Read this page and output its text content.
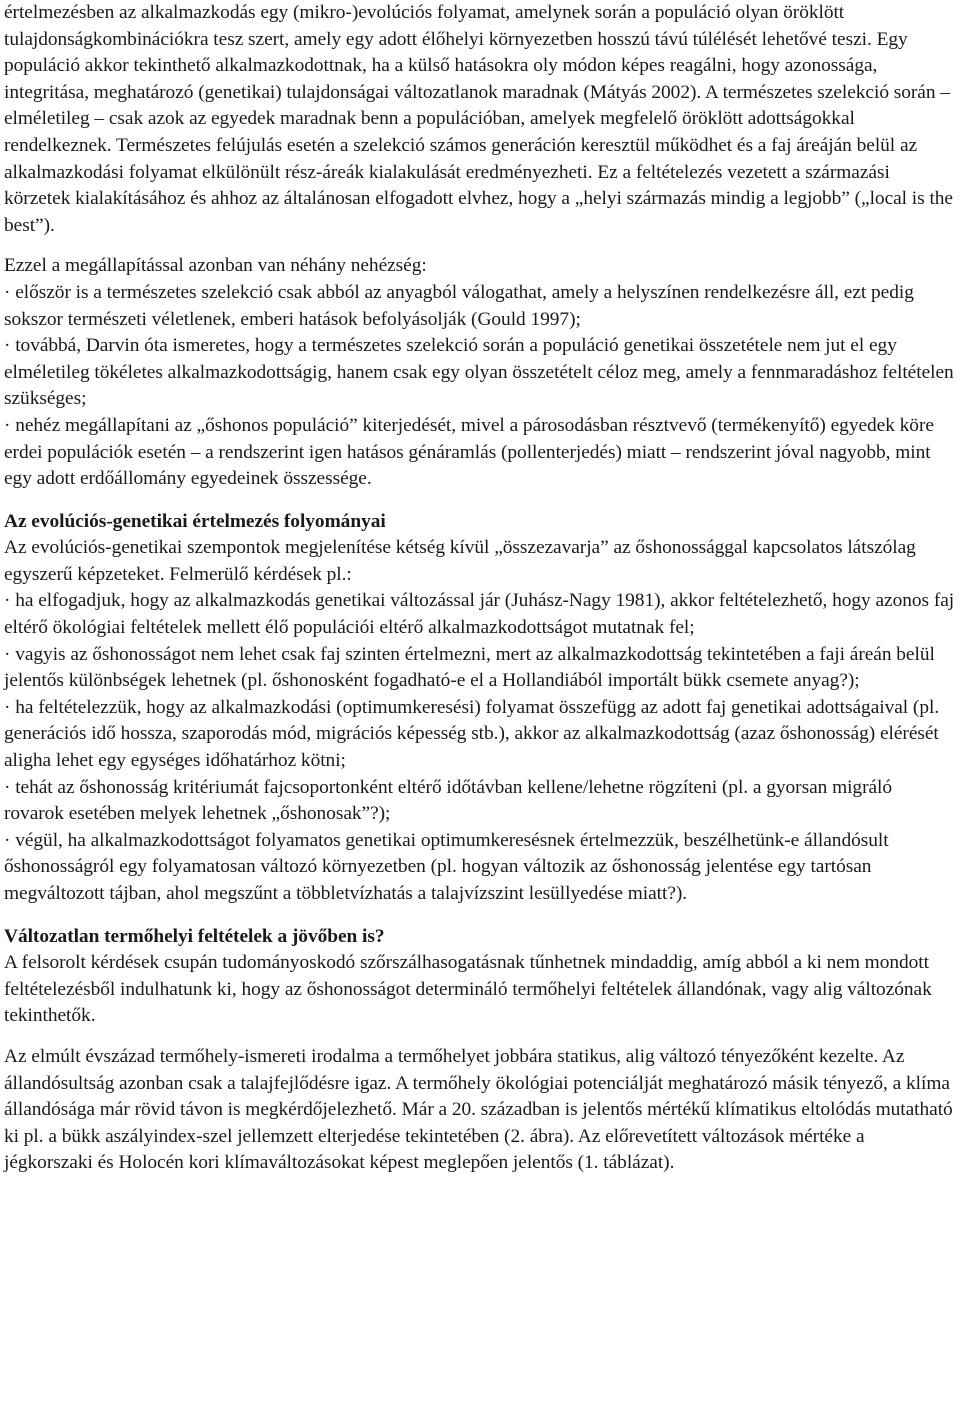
értelmezésben az alkalmazkodás egy (mikro-)evolúciós folyamat, amelynek során a populáció olyan öröklött tulajdonságkombinációkra tesz szert, amely egy adott élőhelyi környezetben hosszú távú túlélését lehetővé teszi. Egy populáció akkor tekinthető alkalmazkodottnak, ha a külső hatásokra oly módon képes reagálni, hogy azonossága, integritása, meghatározó (genetikai) tulajdonságai változatlanok maradnak (Mátyás 2002). A természetes szelekció során – elméletileg – csak azok az egyedek maradnak benn a populációban, amelyek megfelelő öröklött adottságokkal rendelkeznek. Természetes felújulás esetén a szelekció számos generáción keresztül működhet és a faj áreáján belül az alkalmazkodási folyamat elkülönült rész-áreák kialakulását eredményezheti. Ez a feltételezés vezetett a származási körzetek kialakításához és ahhoz az általánosan elfogadott elvhez, hogy a „helyi származás mindig a legjobb” („local is the best”).

Ezzel a megállapítással azonban van néhány nehézség:

· először is a természetes szelekció csak abból az anyagból válogathat, amely a helyszínen rendelkezésre áll, ezt pedig sokszor természeti véletlenek, emberi hatások befolyásolják (Gould 1997);

· továbbá, Darvin óta ismeretes, hogy a természetes szelekció során a populáció genetikai összetétele nem jut el egy elméletileg tökéletes alkalmazkodottságig, hanem csak egy olyan összetételt céloz meg, amely a fennmaradáshoz feltételen szükséges;

· nehéz megállapítani az „őshonos populáció” kiterjedését, mivel a párosodásban résztvevő (termékenyítő) egyedek köre erdei populációk esetén – a rendszerint igen hatásos génáramlás (pollenterjedés) miatt – rendszerint jóval nagyobb, mint egy adott erdőállomány egyedeinek összessége.

Az evolúciós-genetikai értelmezés folyományai

Az evolúciós-genetikai szempontok megjelenítése kétség kívül „összezavarja” az őshonossággal kapcsolatos látszólag egyszerű képzeteket. Felmerülő kérdések pl.:

· ha elfogadjuk, hogy az alkalmazkodás genetikai változással jár (Juhász-Nagy 1981), akkor feltételezhető, hogy azonos faj eltérő ökológiai feltételek mellett élő populációi eltérő alkalmazkodottságot mutatnak fel;

· vagyis az őshonosságot nem lehet csak faj szinten értelmezni, mert az alkalmazkodottság tekintetében a faji áreán belül jelentős különbségek lehetnek (pl. őshonosként fogadható-e el a Hollandiából importált bükk csemete anyag?);

· ha feltételezzük, hogy az alkalmazkodási (optimumkeresési) folyamat összefügg az adott faj genetikai adottságaival (pl. generációs idő hossza, szaporodás mód, migrációs képesség stb.), akkor az alkalmazkodottság (azaz őshonosság) elérését aligha lehet egy egységes időhatárhoz kötni;

· tehát az őshonosság kritériumát fajcsoportonként eltérő időtávban kellene/lehetne rögzíteni (pl. a gyorsan migráló rovarok esetében melyek lehetnek „őshonosak”?);

· végül, ha alkalmazkodottságot folyamatos genetikai optimumkeresésnek értelmezzük, beszélhetünk-e állandósult őshonosságról egy folyamatosan változó környezetben (pl. hogyan változik az őshonosság jelentése egy tartósan megváltozott tájban, ahol megszűnt a többletvízhatás a talajvízszint lesüllyedése miatt?).

Változatlan termőhelyi feltételek a jövőben is?

A felsorolt kérdések csupán tudományoskodó szőrszálhasogatásnak tűnhetnek mindaddig, amíg abból a ki nem mondott feltételezésből indulhatunk ki, hogy az őshonosságot determináló termőhelyi feltételek állandónak, vagy alig változónak tekinthetők.

Az elmúlt évszázad termőhely-ismereti irodalma a termőhelyet jobbára statikus, alig változó tényezőként kezelte. Az állandósultság azonban csak a talajfejlődésre igaz. A termőhely ökológiai potenciálját meghatározó másik tényező, a klíma állandósága már rövid távon is megkérdőjelezhető. Már a 20. században is jelentős mértékű klímatikus eltolódás mutatható ki pl. a bükk aszályindex-szel jellemzett elterjedése tekintetében (2. ábra). Az előrevetített változások mértéke a jégkorszaki és Holocén kori klímaváltozásokat képest meglepően jelentős (1. táblázat).
